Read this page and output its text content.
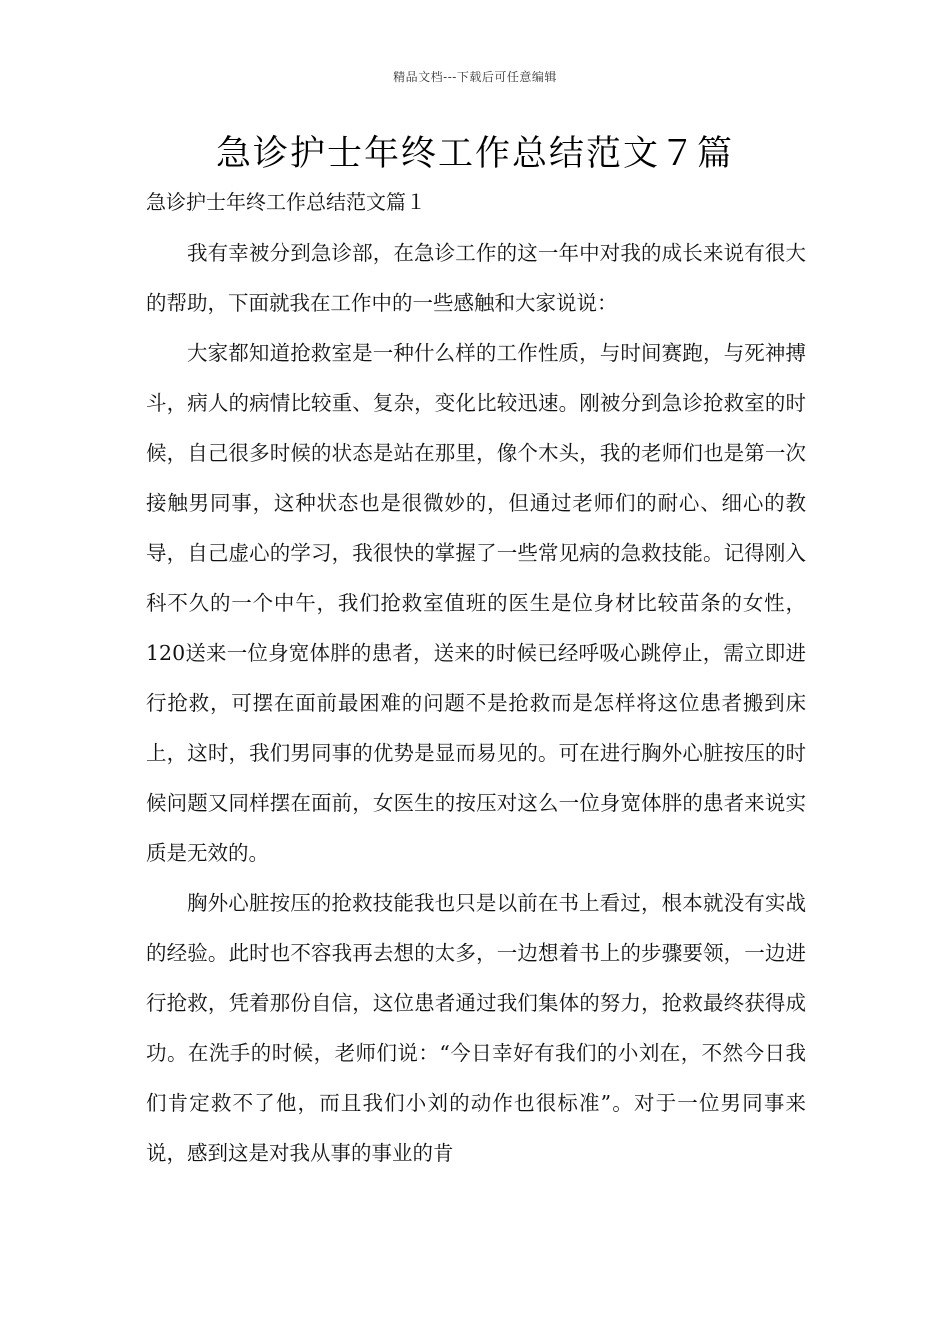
精品文档---下载后可任意编辑
急诊护士年终工作总结范文７篇
急诊护士年终工作总结范文篇１

我有幸被分到急诊部，在急诊工作的这一年中对我的成长来说有很大的帮助，下面就我在工作中的一些感触和大家说说：

大家都知道抢救室是一种什么样的工作性质，与时间赛跑，与死神搏斗，病人的病情比较重、复杂，变化比较迅速。刚被分到急诊抢救室的时候，自己很多时候的状态是站在那里，像个木头，我的老师们也是第一次接触男同事，这种状态也是很微妙的，但通过老师们的耐心、细心的教导，自己虚心的学习，我很快的掌握了一些常见病的急救技能。记得刚入科不久的一个中午，我们抢救室值班的医生是位身材比较苗条的女性，120送来一位身宽体胖的患者，送来的时候已经呼吸心跳停止，需立即进行抢救，可摆在面前最困难的问题不是抢救而是怎样将这位患者搬到床上，这时，我们男同事的优势是显而易见的。可在进行胸外心脏按压的时候问题又同样摆在面前，女医生的按压对这么一位身宽体胖的患者来说实质是无效的。

胸外心脏按压的抢救技能我也只是以前在书上看过，根本就没有实战的经验。此时也不容我再去想的太多，一边想着书上的步骤要领，一边进行抢救，凭着那份自信，这位患者通过我们集体的努力，抢救最终获得成功。在洗手的时候，老师们说：“今日幸好有我们的小刘在，不然今日我们肯定救不了他，而且我们小刘的动作也很标准”。对于一位男同事来说，感到这是对我从事的事业的肯
